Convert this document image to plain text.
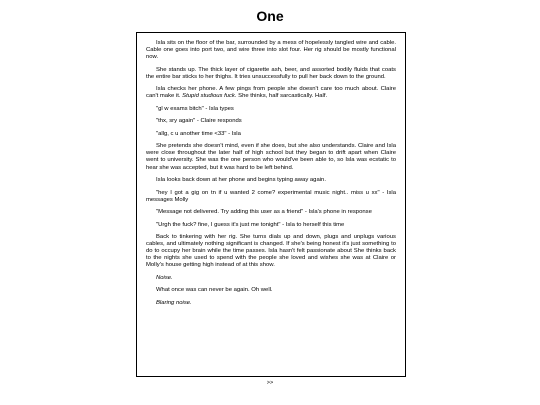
One

Isla sits on the floor of the bar, surrounded by a mess of hopelessly tangled wire and cable. Cable one goes into port two, and wire three into slot four. Her rig should be mostly functional now.

She stands up. The thick layer of cigarette ash, beer, and assorted bodily fluids that coats the entire bar sticks to her thighs. It tries unsuccessfully to pull her back down to the ground.

Isla checks her phone. A few pings from people she doesn't care too much about. Claire can't make it. Stupid studious fuck. She thinks, half sarcastically. Half.

"gl w exams bitch" - Isla types

"thx, sry again" - Claire responds

"allg, c u another time <33" - Isla

She pretends she doesn't mind, even if she does, but she also understands. Claire and Isla were close throughout the later half of high school but they began to drift apart when Claire went to university. She was the one person who would've been able to, so Isla was ecstatic to hear she was accepted, but it was hard to be left behind.

Isla looks back down at her phone and begins typing away again.

"hey I got a gig on tn if u wanted 2 come? experimental music night.. miss u xx" - Isla messages Molly

"Message not delivered. Try adding this user as a friend" - Isla's phone in response

"Urgh the fuck? fine, I guess it's just me tonight" - Isla to herself this time

Back to tinkering with her rig. She turns dials up and down, plugs and unplugs various cables, and ultimately nothing significant is changed. If she's being honest it's just something to do to occupy her brain while the time passes. Isla hasn't felt passionate about She thinks back to the nights she used to spend with the people she loved and wishes she was at Claire or Molly's house getting high instead of at this show.

Noise.

What once was can never be again. Oh well.

Blaring noise.

>>
